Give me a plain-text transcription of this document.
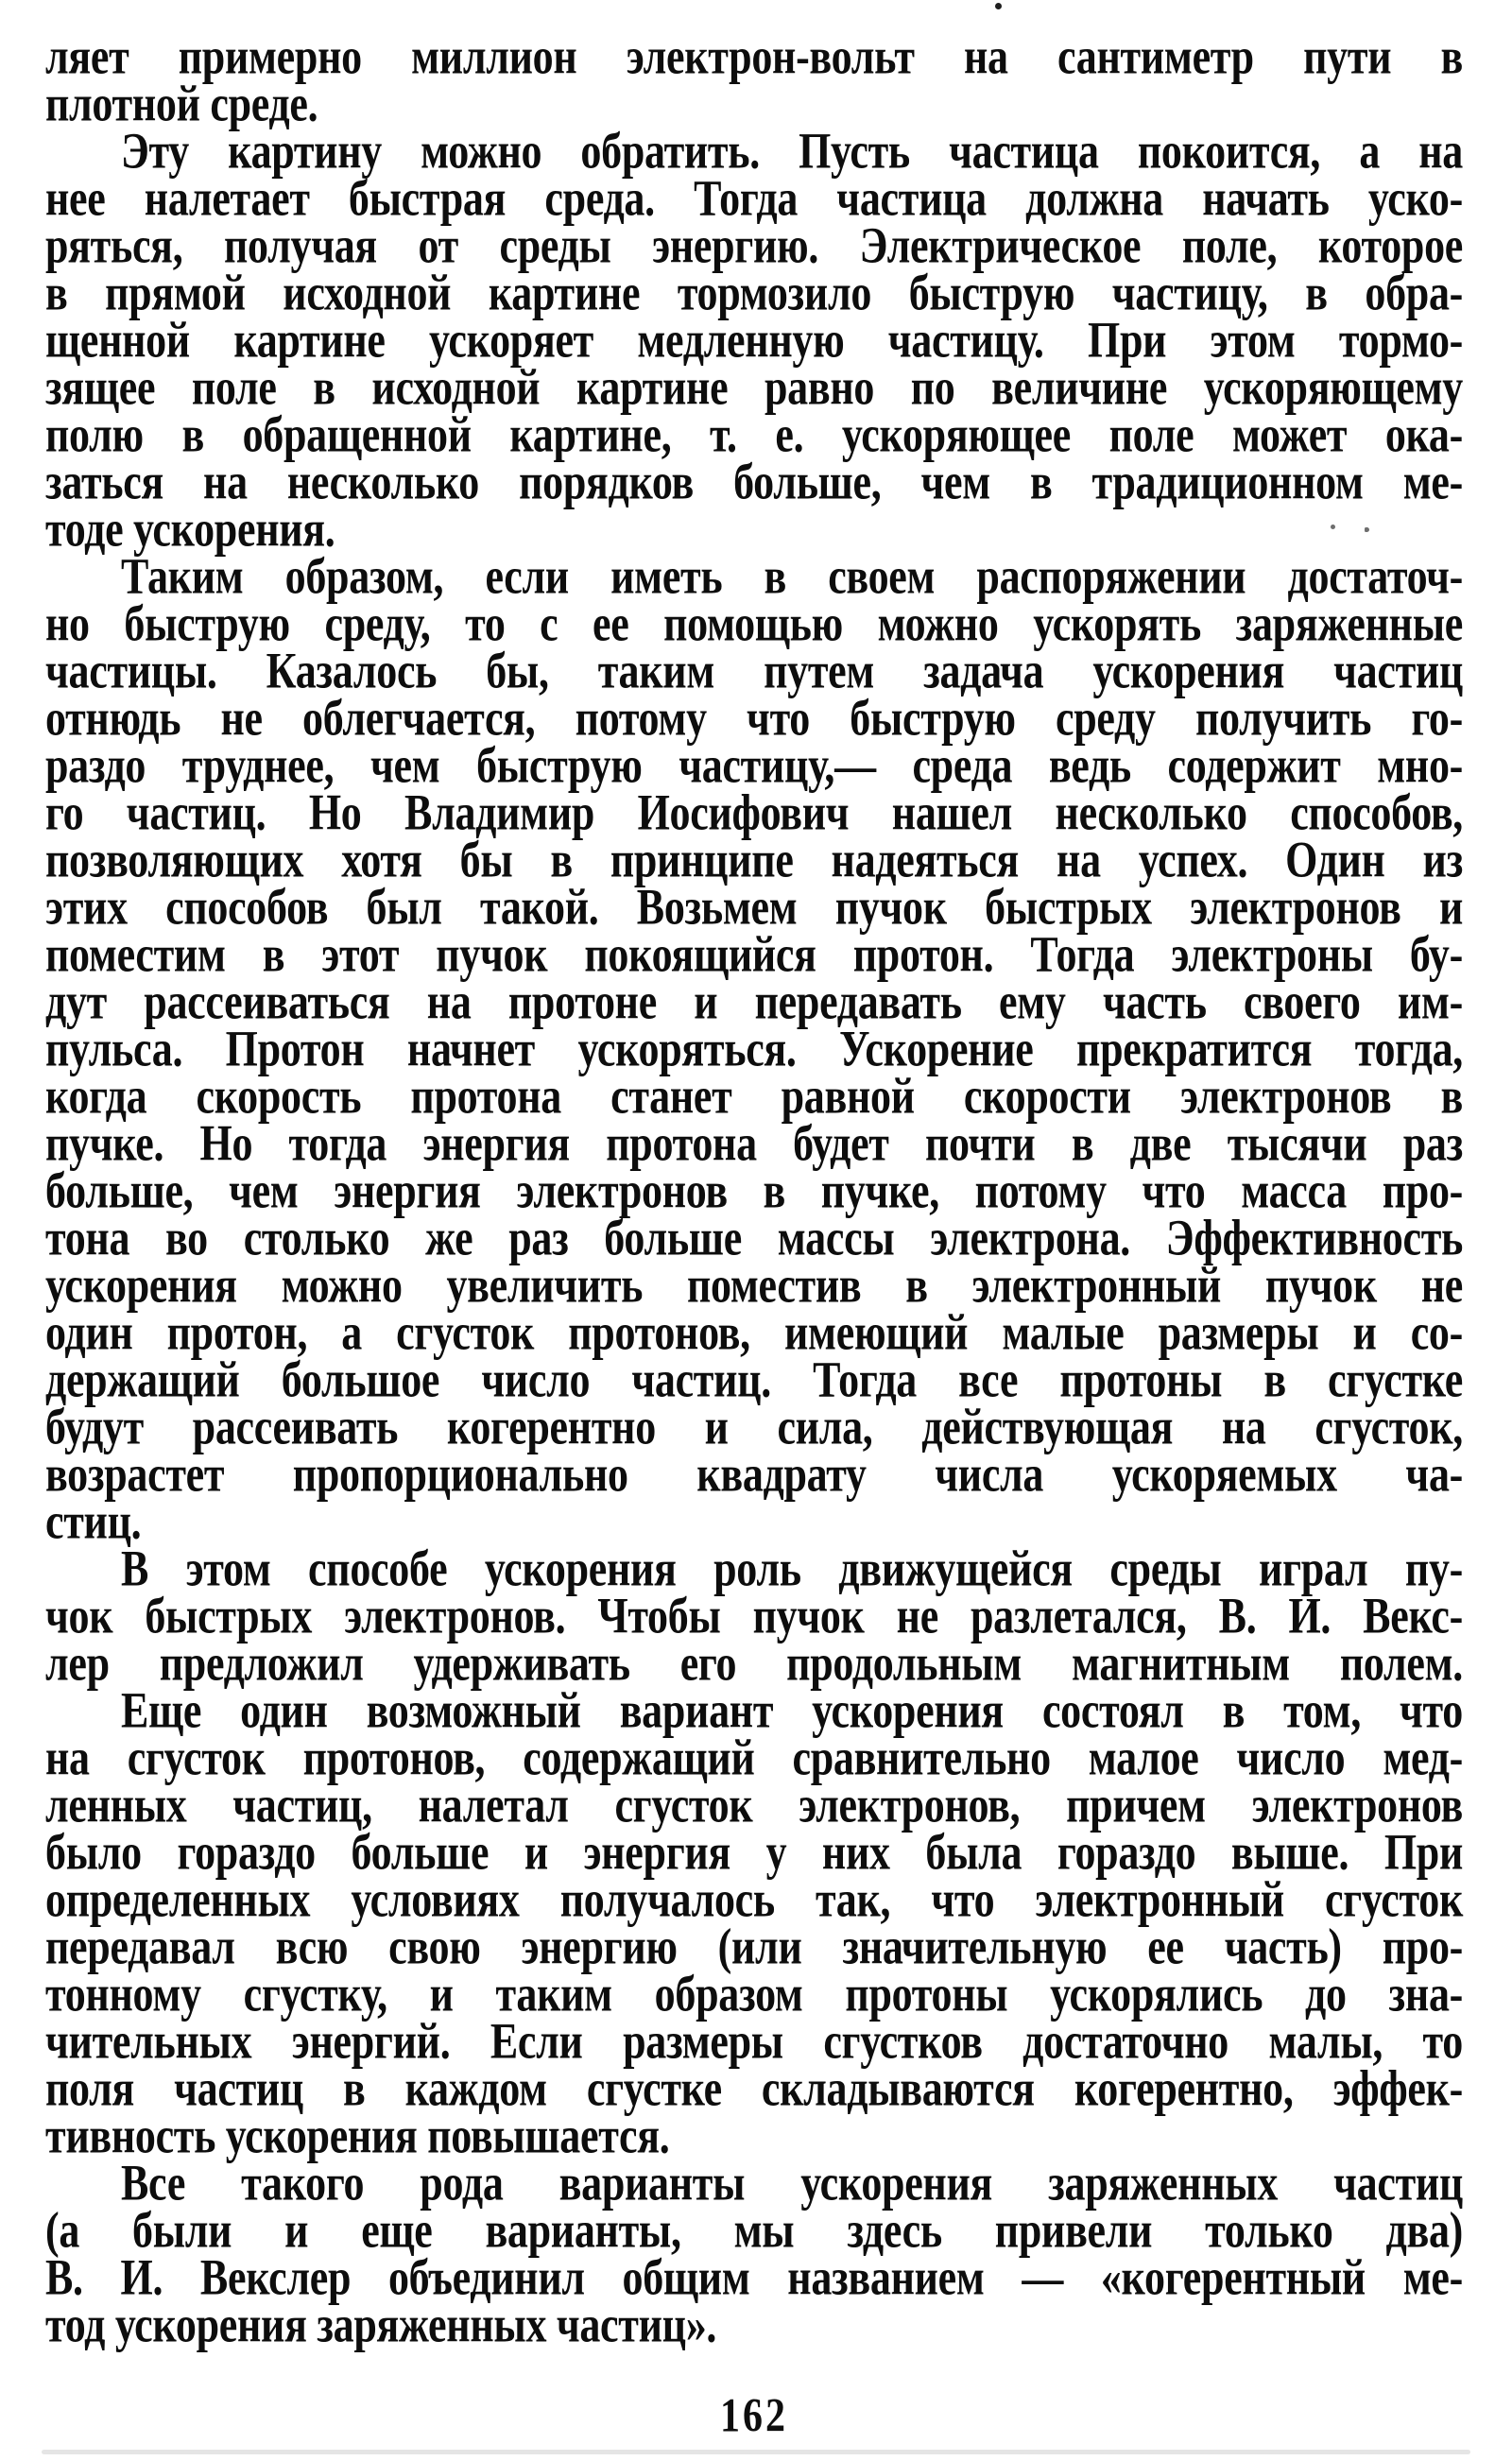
ляет примерно миллион электрон-вольт на сантиметр пути в
плотной среде.
Эту картину можно обратить. Пусть частица покоится, а на
нее налетает быстрая среда. Тогда частица должна начать уско-
ряться, получая от среды энергию. Электрическое поле, которое
в прямой исходной картине тормозило быструю частицу, в обра-
щенной картине ускоряет медленную частицу. При этом тормо-
зящее поле в исходной картине равно по величине ускоряющему
полю в обращенной картине, т. е. ускоряющее поле может ока-
заться на несколько порядков больше, чем в традиционном ме-
тоде ускорения.
Таким образом, если иметь в своем распоряжении достаточ-
но быструю среду, то с ее помощью можно ускорять заряженные
частицы. Казалось бы, таким путем задача ускорения частиц
отнюдь не облегчается, потому что быструю среду получить го-
раздо труднее, чем быструю частицу,— среда ведь содержит мно-
го частиц. Но Владимир Иосифович нашел несколько способов,
позволяющих хотя бы в принципе надеяться на успех. Один из
этих способов был такой. Возьмем пучок быстрых электронов и
поместим в этот пучок покоящийся протон. Тогда электроны бу-
дут рассеиваться на протоне и передавать ему часть своего им-
пульса. Протон начнет ускоряться. Ускорение прекратится тогда,
когда скорость протона станет равной скорости электронов в
пучке. Но тогда энергия протона будет почти в две тысячи раз
больше, чем энергия электронов в пучке, потому что масса про-
тона во столько же раз больше массы электрона. Эффективность
ускорения можно увеличить поместив в электронный пучок не
один протон, а сгусток протонов, имеющий малые размеры и со-
держащий большое число частиц. Тогда все протоны в сгустке
будут рассеивать когерентно и сила, действующая на сгусток,
возрастет пропорционально квадрату числа ускоряемых ча-
стиц.
В этом способе ускорения роль движущейся среды играл пу-
чок быстрых электронов. Чтобы пучок не разлетался, В. И. Векс-
лер предложил удерживать его продольным магнитным полем.
Еще один возможный вариант ускорения состоял в том, что
на сгусток протонов, содержащий сравнительно малое число мед-
ленных частиц, налетал сгусток электронов, причем электронов
было гораздо больше и энергия у них была гораздо выше. При
определенных условиях получалось так, что электронный сгусток
передавал всю свою энергию (или значительную ее часть) про-
тонному сгустку, и таким образом протоны ускорялись до зна-
чительных энергий. Если размеры сгустков достаточно малы, то
поля частиц в каждом сгустке складываются когерентно, эффек-
тивность ускорения повышается.
Все такого рода варианты ускорения заряженных частиц
(а были и еще варианты, мы здесь привели только два)
В. И. Векслер объединил общим названием — «когерентный ме-
тод ускорения заряженных частиц».
162
